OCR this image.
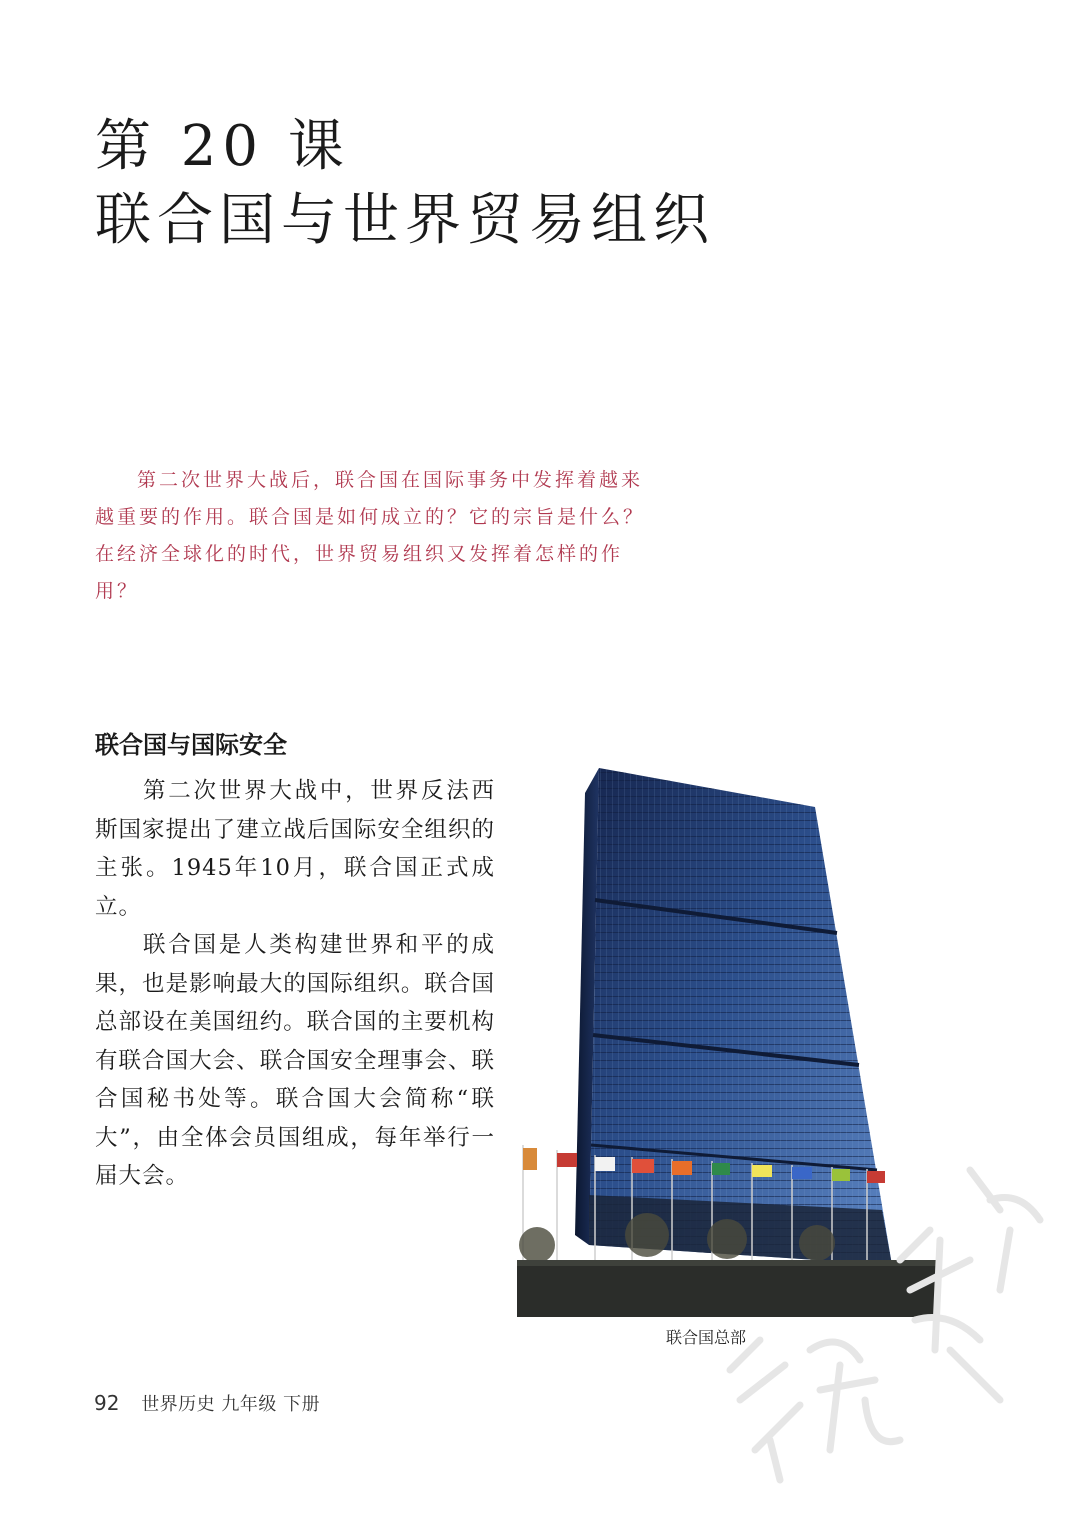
第 20 课
联合国与世界贸易组织

第二次世界大战后，联合国在国际事务中发挥着越来越重要的作用。联合国是如何成立的？它的宗旨是什么？在经济全球化的时代，世界贸易组织又发挥着怎样的作用？

联合国与国际安全

第二次世界大战中，世界反法西斯国家提出了建立战后国际安全组织的主张。1945年10月，联合国正式成立。

联合国是人类构建世界和平的成果，也是影响最大的国际组织。联合国总部设在美国纽约。联合国的主要机构有联合国大会、联合国安全理事会、联合国秘书处等。联合国大会简称“联大”，由全体会员国组成，每年举行一届大会。

联合国总部
92 世界历史 九年级 下册
